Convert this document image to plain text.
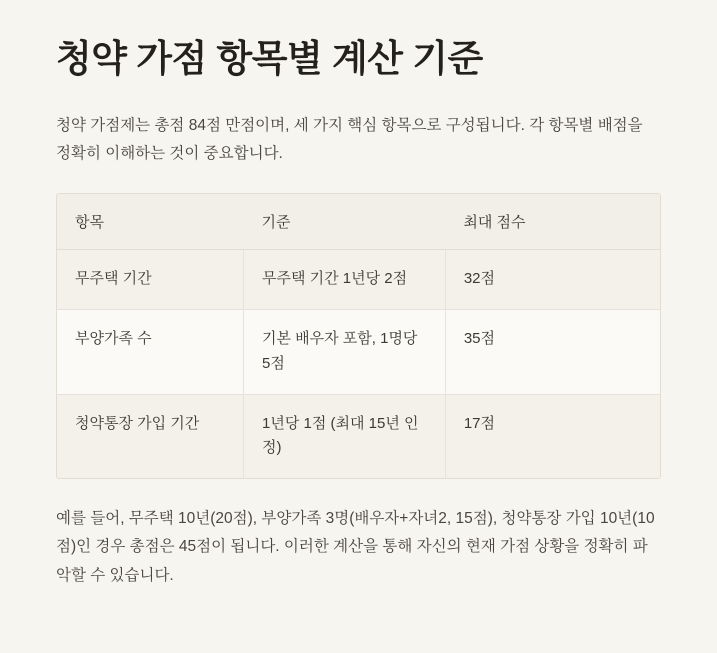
청약 가점 항목별 계산 기준

청약 가점제는 총점 84점 만점이며, 세 가지 핵심 항목으로 구성됩니다. 각 항목별 배점을 정확히 이해하는 것이 중요합니다.

항목	기준	최대 점수
무주택 기간	무주택 기간 1년당 2점	32점
부양가족 수	기본 배우자 포함, 1명당 5점	35점
청약통장 가입 기간	1년당 1점 (최대 15년 인정)	17점

예를 들어, 무주택 10년(20점), 부양가족 3명(배우자+자녀2, 15점), 청약통장 가입 10년(10점)인 경우 총점은 45점이 됩니다. 이러한 계산을 통해 자신의 현재 가점 상황을 정확히 파악할 수 있습니다.
